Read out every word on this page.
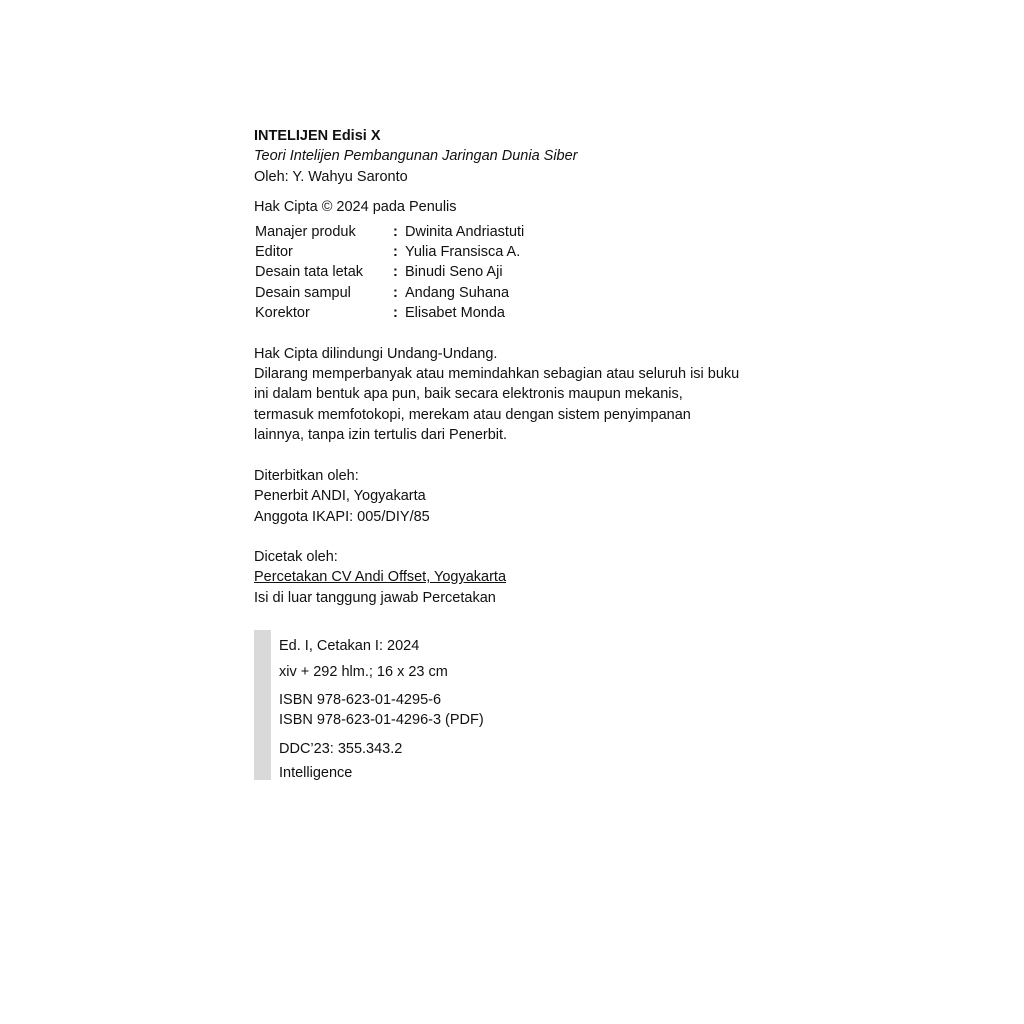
INTELIJEN Edisi X
Teori Intelijen Pembangunan Jaringan Dunia Siber
Oleh: Y. Wahyu Saronto
Hak Cipta © 2024 pada Penulis
Manajer produk	:	Dwinita Andriastuti
Editor	:	Yulia Fransisca A.
Desain tata letak	:	Binudi Seno Aji
Desain sampul	:	Andang Suhana
Korektor	:	Elisabet Monda

Hak Cipta dilindungi Undang-Undang.

Dilarang memperbanyak atau memindahkan sebagian atau seluruh isi buku

ini dalam bentuk apa pun, baik secara elektronis maupun mekanis,

termasuk memfotokopi, merekam atau dengan sistem penyimpanan

lainnya, tanpa izin tertulis dari Penerbit.

Diterbitkan oleh:

Penerbit ANDI, Yogyakarta

Anggota IKAPI: 005/DIY/85

Dicetak oleh:

Percetakan CV Andi Offset, Yogyakarta

Isi di luar tanggung jawab Percetakan

Ed. I, Cetakan I: 2024
xiv + 292 hlm.; 16 x 23 cm
ISBN 978-623-01-4295-6
ISBN 978-623-01-4296-3 (PDF)
DDC’23: 355.343.2
Intelligence
